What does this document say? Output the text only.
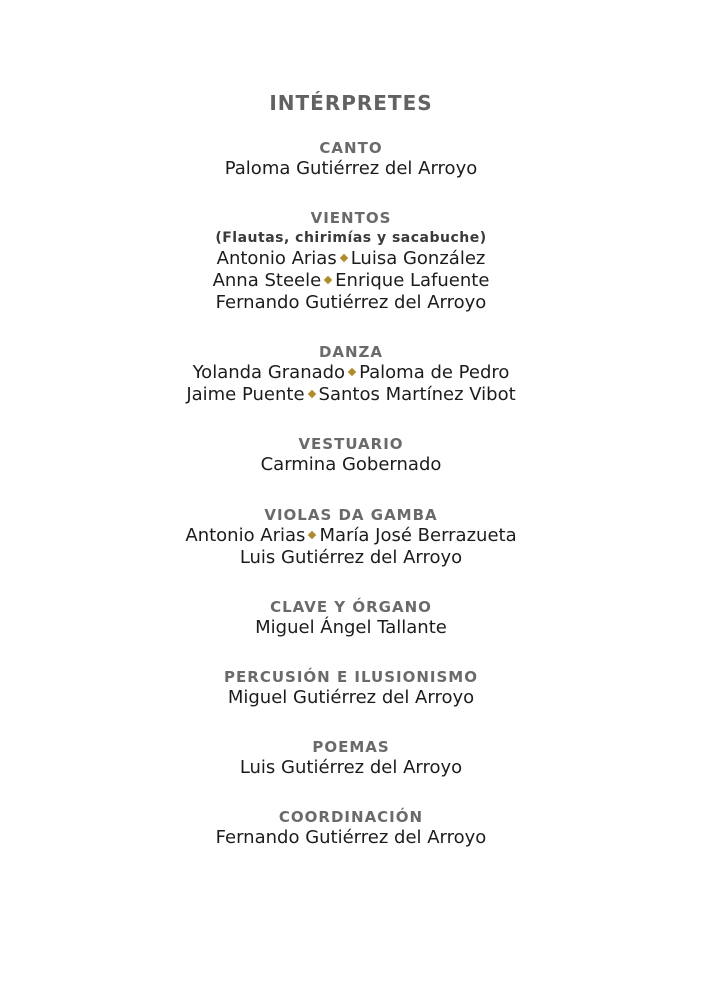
INTÉRPRETES
CANTO
Paloma Gutiérrez del Arroyo
VIENTOS
(Flautas, chirimías y sacabuche)
Antonio Arias Luisa González
Anna Steele Enrique Lafuente
Fernando Gutiérrez del Arroyo
DANZA
Yolanda Granado Paloma de Pedro
Jaime Puente Santos Martínez Vibot
VESTUARIO
Carmina Gobernado
VIOLAS DA GAMBA
Antonio Arias María José Berrazueta
Luis Gutiérrez del Arroyo
CLAVE Y ÓRGANO
Miguel Ángel Tallante
PERCUSIÓN E ILUSIONISMO
Miguel Gutiérrez del Arroyo
POEMAS
Luis Gutiérrez del Arroyo
COORDINACIÓN
Fernando Gutiérrez del Arroyo
